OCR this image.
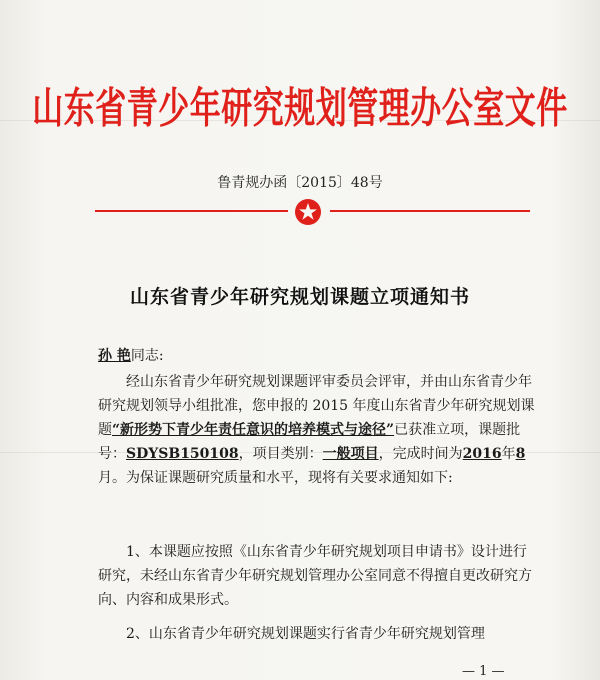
山东省青少年研究规划管理办公室文件
鲁青规办函〔2015〕48号
山东省青少年研究规划课题立项通知书
孙 艳同志:
经山东省青少年研究规划课题评审委员会评审，并由山东省青少年研究规划领导小组批准，您申报的 2015 年度山东省青少年研究规划课题“新形势下青少年责任意识的培养模式与途径”已获准立项，课题批号：SDYSB150108，项目类别：一般项目，完成时间为2016年8月。为保证课题研究质量和水平，现将有关要求通知如下:
1、本课题应按照《山东省青少年研究规划项目申请书》设计进行研究，未经山东省青少年研究规划管理办公室同意不得擅自更改研究方向、内容和成果形式。
2、山东省青少年研究规划课题实行省青少年研究规划管理
— 1 —
